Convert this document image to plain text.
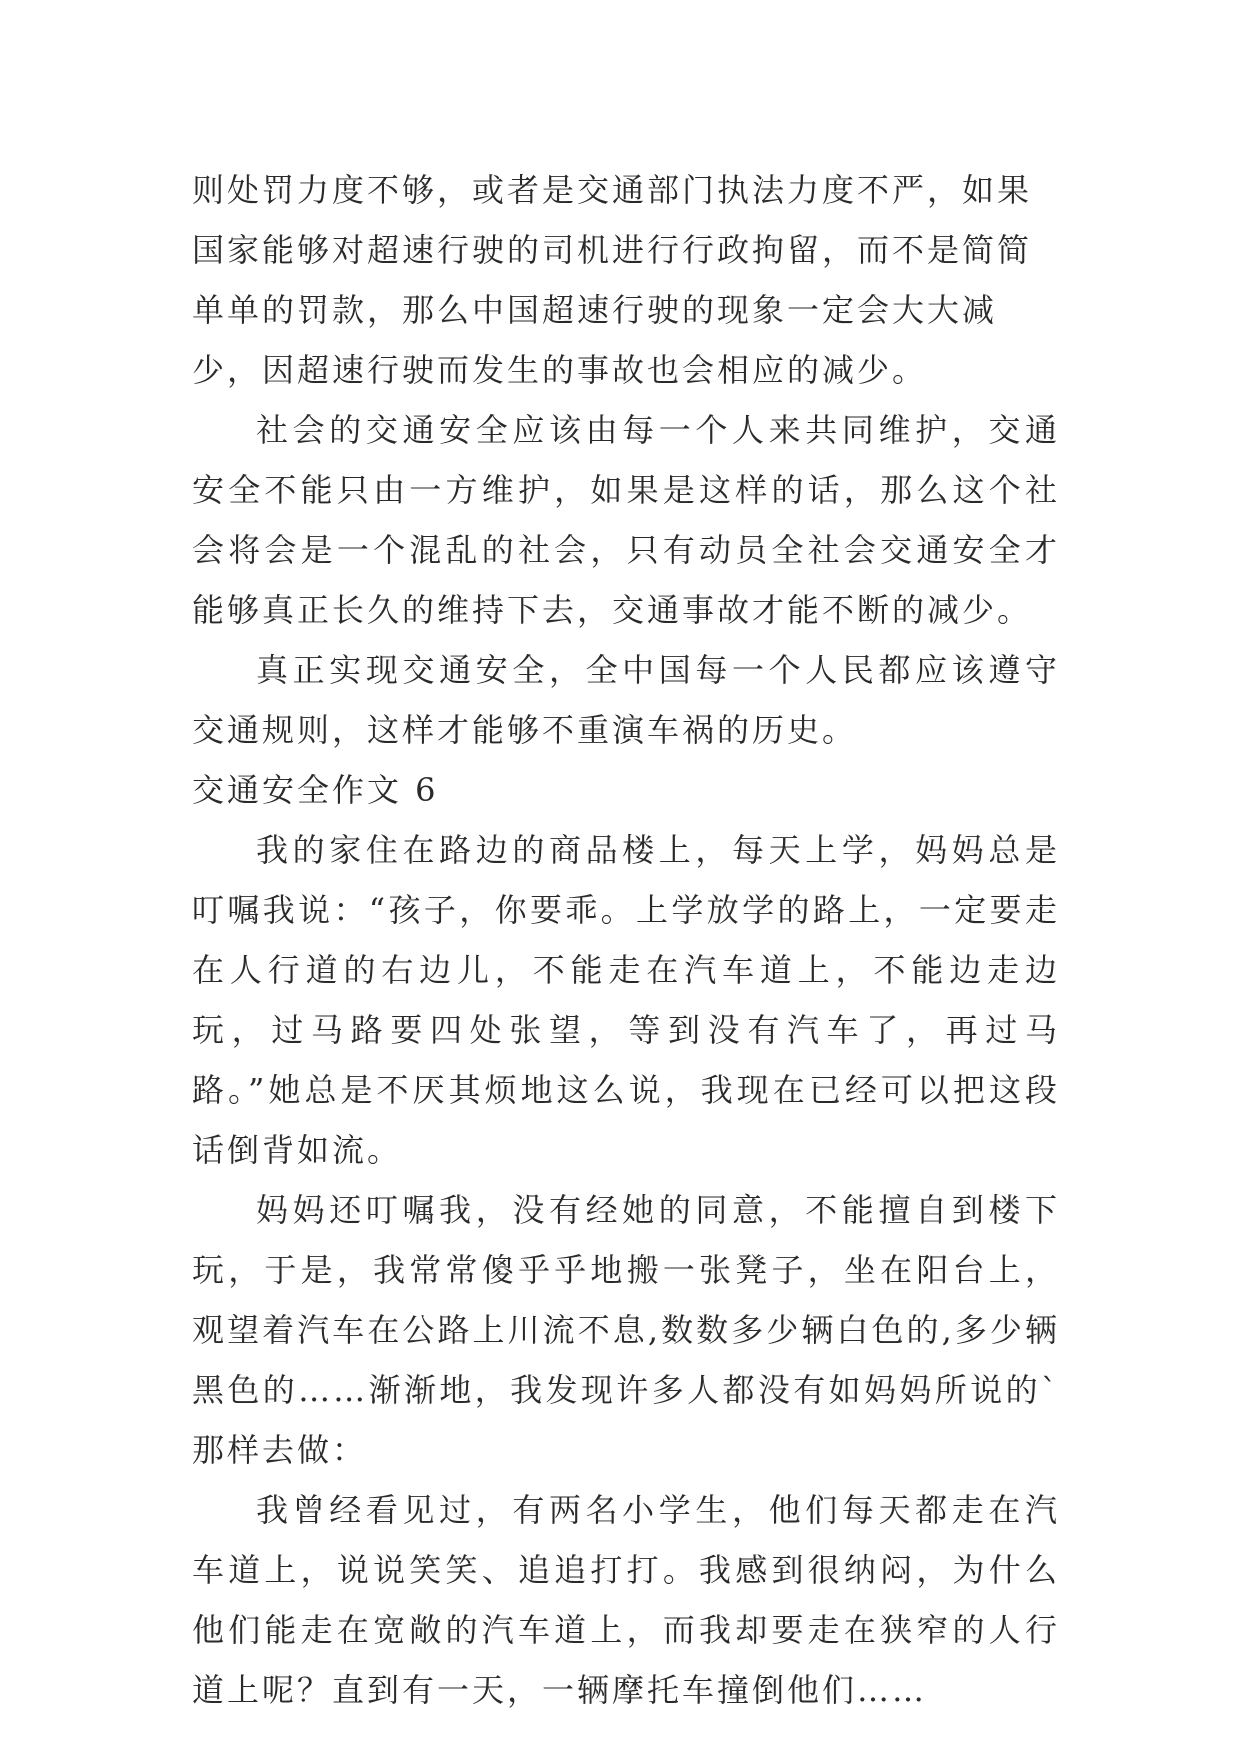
则处罚力度不够，或者是交通部门执法力度不严，如果国家能够对超速行驶的司机进行行政拘留，而不是简简单单的罚款，那么中国超速行驶的现象一定会大大减少，因超速行驶而发生的事故也会相应的减少。

社会的交通安全应该由每一个人来共同维护，交通安全不能只由一方维护，如果是这样的话，那么这个社会将会是一个混乱的社会，只有动员全社会交通安全才能够真正长久的维持下去，交通事故才能不断的减少。

真正实现交通安全，全中国每一个人民都应该遵守交通规则，这样才能够不重演车祸的历史。

交通安全作文 6

我的家住在路边的商品楼上，每天上学，妈妈总是叮嘱我说：“孩子，你要乖。上学放学的路上，一定要走在人行道的右边儿，不能走在汽车道上，不能边走边玩，过马路要四处张望，等到没有汽车了，再过马路。”她总是不厌其烦地这么说，我现在已经可以把这段话倒背如流。

妈妈还叮嘱我，没有经她的同意，不能擅自到楼下玩，于是，我常常傻乎乎地搬一张凳子，坐在阳台上，观望着汽车在公路上川流不息,数数多少辆白色的,多少辆黑色的……渐渐地，我发现许多人都没有如妈妈所说的`那样去做：

我曾经看见过，有两名小学生，他们每天都走在汽车道上，说说笑笑、追追打打。我感到很纳闷，为什么他们能走在宽敞的汽车道上，而我却要走在狭窄的人行道上呢？直到有一天，一辆摩托车撞倒他们……
